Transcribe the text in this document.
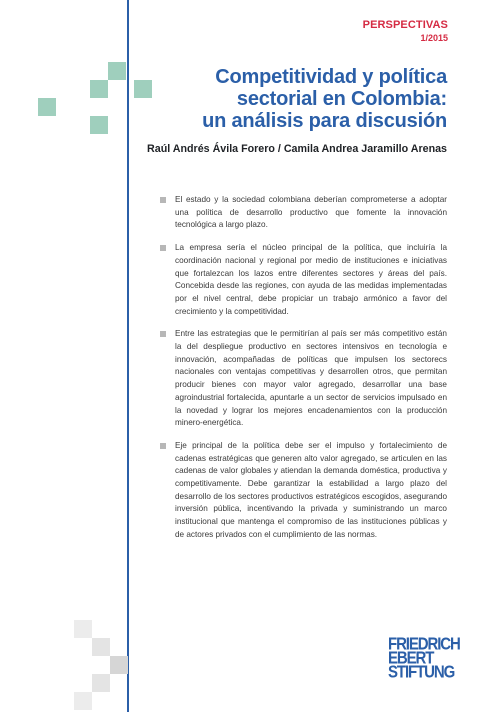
PERSPECTIVAS
1/2015
Competitividad y política
sectorial en Colombia:
un análisis para discusión
Raúl Andrés Ávila Forero / Camila Andrea Jaramillo Arenas
El estado y la sociedad colombiana deberían comprometerse a adoptar una política de desarrollo productivo que fomente la innovación tecnológica a largo plazo.
La empresa sería el núcleo principal de la política, que incluiría la coordinación nacional y regional por medio de instituciones e iniciativas que fortalezcan los lazos entre diferentes sectores y áreas del país. Concebida desde las regiones, con ayuda de las medidas implementadas por el nivel central, debe propiciar un trabajo armónico a favor del crecimiento y la competitividad.
Entre las estrategias que le permitirían al país ser más competitivo están la del despliegue productivo en sectores intensivos en tecnología e innovación, acompañadas de políticas que impulsen los sectorecs nacionales con ventajas competitivas y desarrollen otros, que permitan producir bienes con mayor valor agregado, desarrollar una base agroindustrial fortalecida, apuntarle a un sector de servicios impulsado en la novedad y lograr los mejores encadenamientos con la producción minero-energética.
Eje principal de la política debe ser el impulso y fortalecimiento de cadenas estratégicas que generen alto valor agregado, se articulen en las cadenas de valor globales y atiendan la demanda doméstica, productiva y competitivamente. Debe garantizar la estabilidad a largo plazo del desarrollo de los sectores productivos estratégicos escogidos, asegurando inversión pública, incentivando la privada y suministrando un marco institucional que mantenga el compromiso de las instituciones públicas y de actores privados con el cumplimiento de las normas.
FRIEDRICH
EBERT
STIFTUNG
